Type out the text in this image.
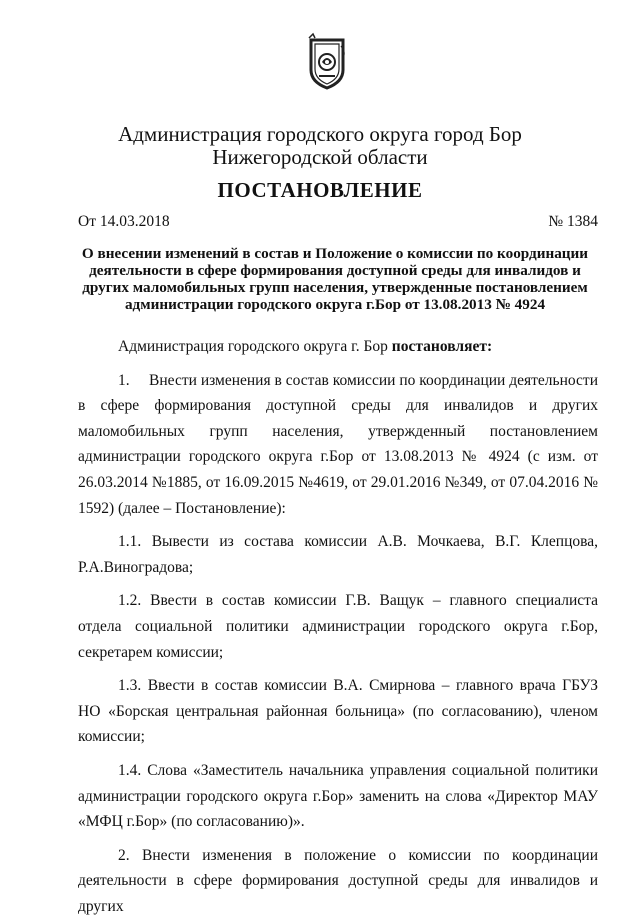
Администрация городского округа город Бор
Нижегородской области
ПОСТАНОВЛЕНИЕ
От 14.03.2018	№ 1384
О внесении изменений в состав и Положение о комиссии по координации
деятельности в сфере формирования доступной среды для инвалидов и
других маломобильных групп населения, утвержденные постановлением
администрации городского округа г.Бор от 13.08.2013 № 4924

Администрация городского округа г. Бор постановляет:

1.  Внести изменения в состав комиссии по координации деятельности в сфере формирования доступной среды для инвалидов и других маломобильных групп населения, утвержденный постановлением администрации городского округа г.Бор от 13.08.2013 № 4924 (с изм. от 26.03.2014 №1885, от 16.09.2015 №4619, от 29.01.2016 №349, от 07.04.2016 № 1592) (далее – Постановление):

1.1. Вывести из состава комиссии А.В. Мочкаева, В.Г. Клепцова, Р.А.Виноградова;

1.2. Ввести в состав комиссии Г.В. Ващук – главного специалиста отдела социальной политики администрации городского округа г.Бор, секретарем комиссии;

1.3. Ввести в состав комиссии В.А. Смирнова – главного врача ГБУЗ НО «Борская центральная районная больница» (по согласованию), членом комиссии;

1.4. Слова «Заместитель начальника управления социальной политики администрации городского округа г.Бор» заменить на слова «Директор МАУ «МФЦ г.Бор» (по согласованию)».

2. Внести изменения в положение о комиссии по координации деятельности в сфере формирования доступной среды для инвалидов и других
